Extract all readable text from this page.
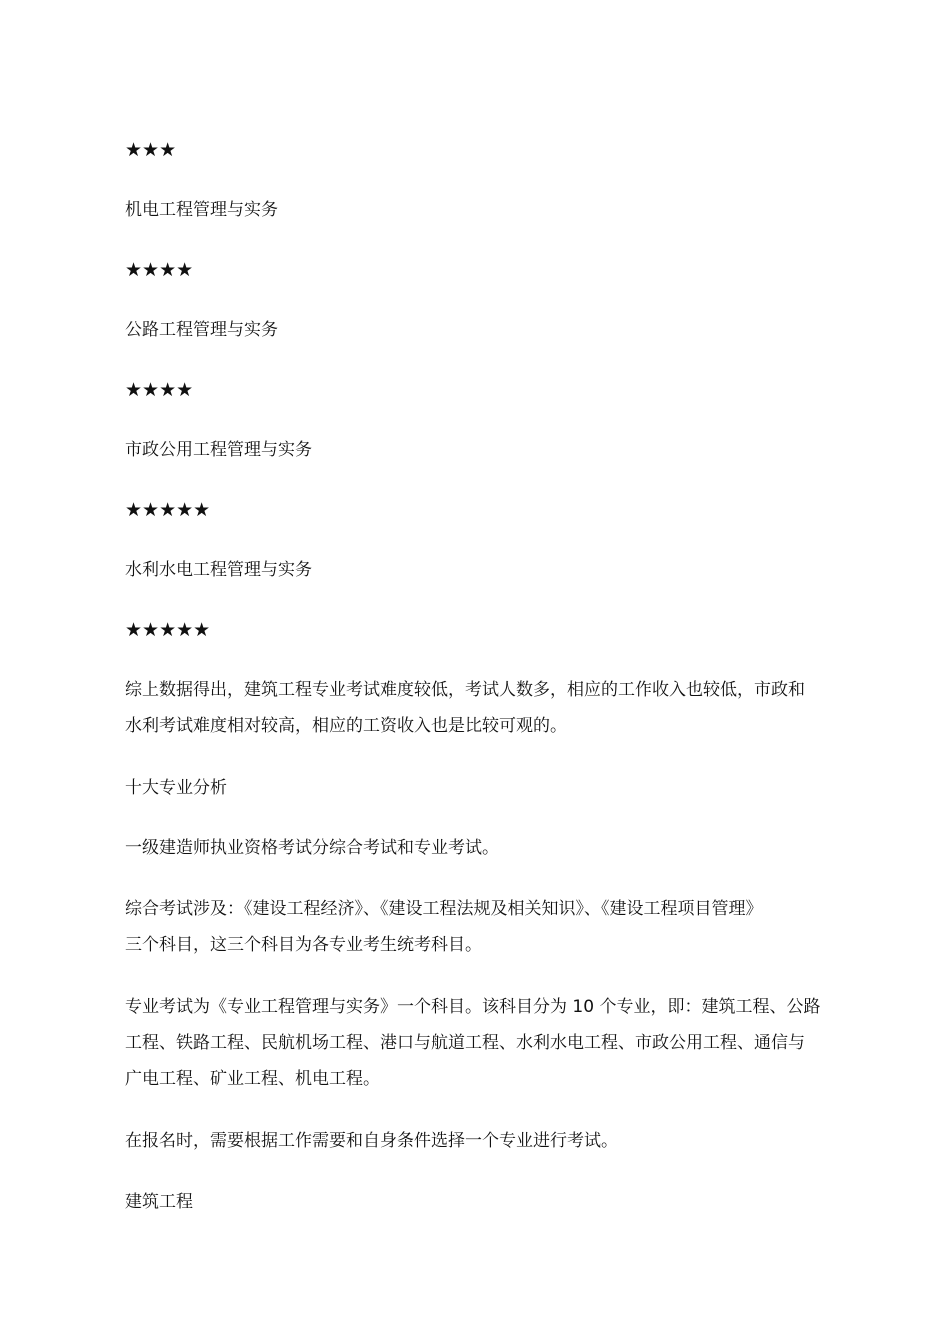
★★★
机电工程管理与实务
★★★★
公路工程管理与实务
★★★★
市政公用工程管理与实务
★★★★★
水利水电工程管理与实务
★★★★★
综上数据得出，建筑工程专业考试难度较低，考试人数多，相应的工作收入也较低，市政和
水利考试难度相对较高，相应的工资收入也是比较可观的。
十大专业分析
一级建造师执业资格考试分综合考试和专业考试。
综合考试涉及：《建设工程经济》、《建设工程法规及相关知识》、《建设工程项目管理》
三个科目，这三个科目为各专业考生统考科目。
专业考试为《专业工程管理与实务》一个科目。该科目分为 10 个专业，即：建筑工程、公路
工程、铁路工程、民航机场工程、港口与航道工程、水利水电工程、市政公用工程、通信与
广电工程、矿业工程、机电工程。
在报名时，需要根据工作需要和自身条件选择一个专业进行考试。
建筑工程
